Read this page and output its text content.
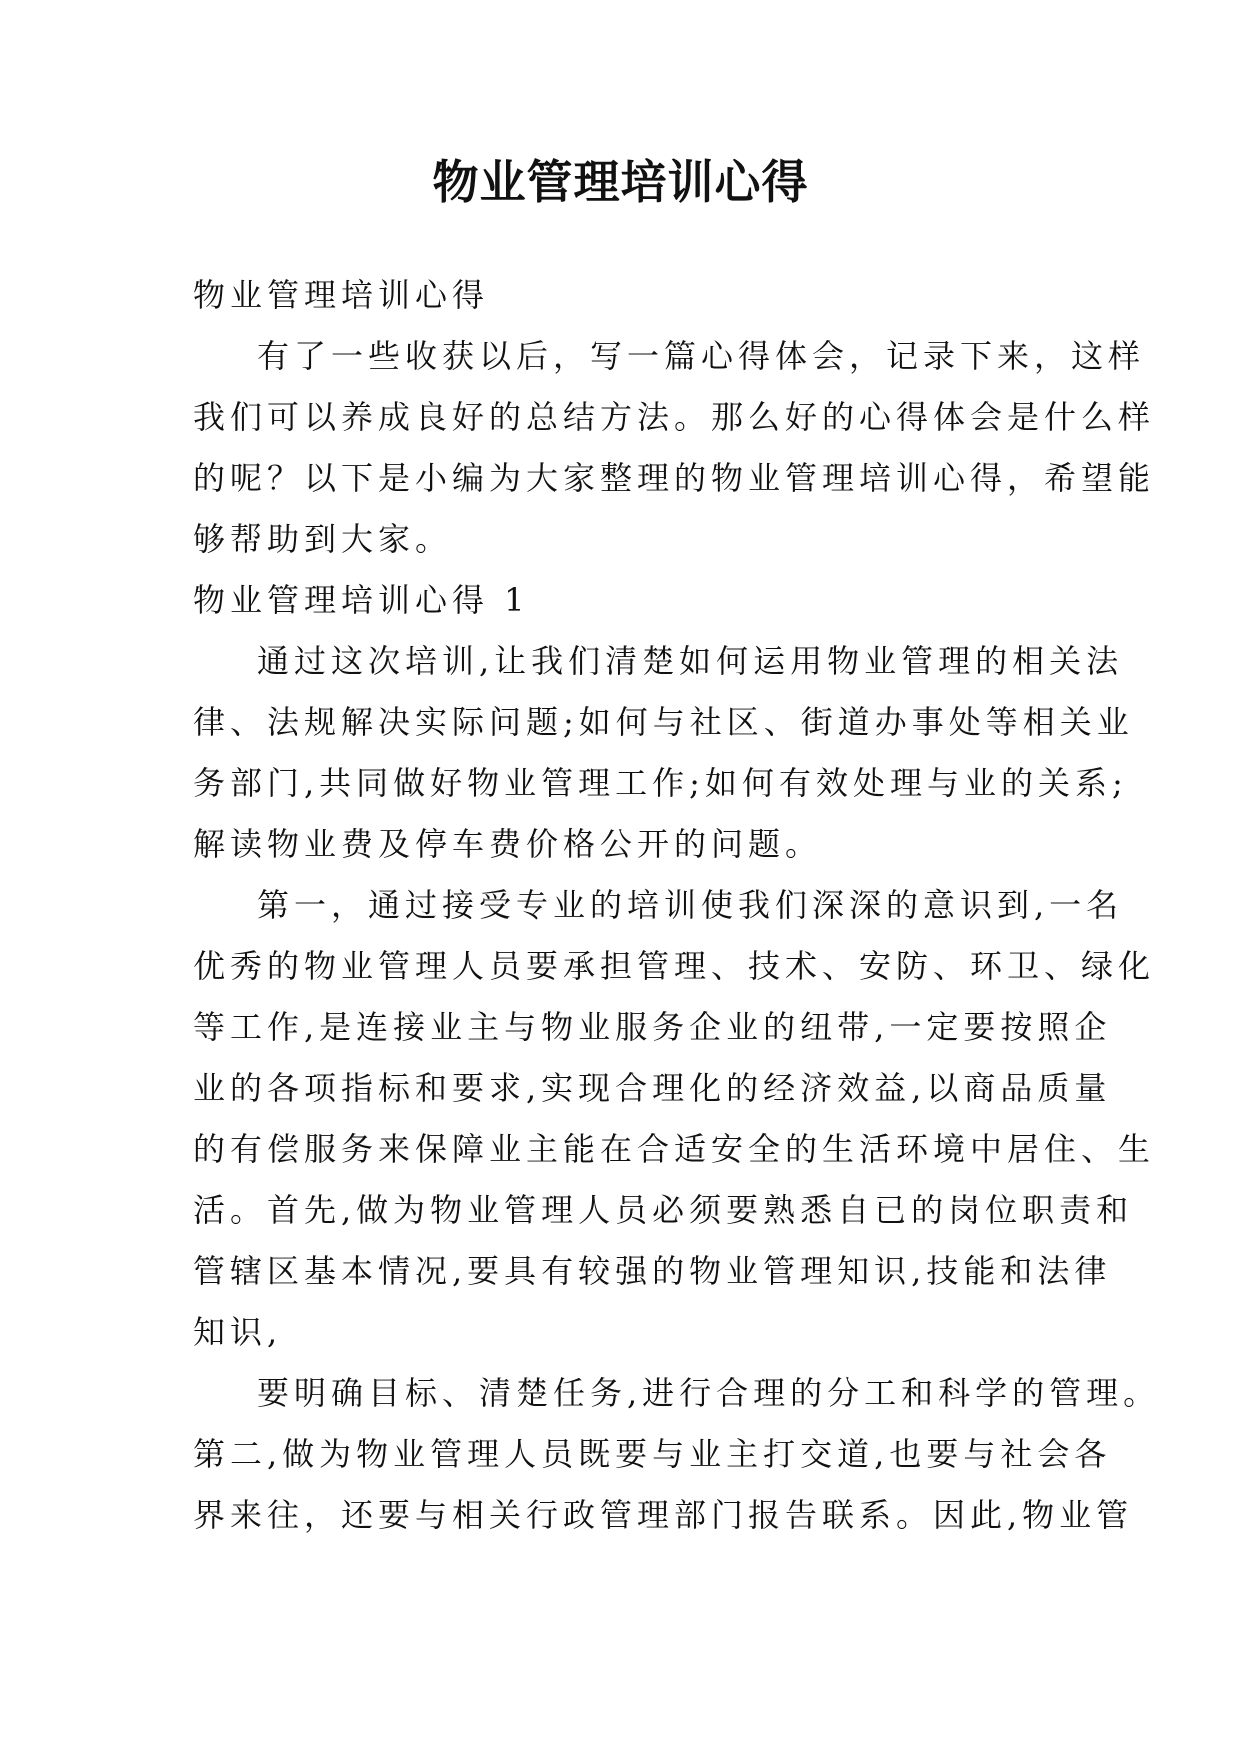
物业管理培训心得
物业管理培训心得
有了一些收获以后，写一篇心得体会，记录下来，这样
我们可以养成良好的总结方法。那么好的心得体会是什么样
的呢？以下是小编为大家整理的物业管理培训心得，希望能
够帮助到大家。
物业管理培训心得 1
通过这次培训,让我们清楚如何运用物业管理的相关法
律、法规解决实际问题;如何与社区、街道办事处等相关业
务部门,共同做好物业管理工作;如何有效处理与业的关系;
解读物业费及停车费价格公开的问题。
第一，通过接受专业的培训使我们深深的意识到,一名
优秀的物业管理人员要承担管理、技术、安防、环卫、绿化
等工作,是连接业主与物业服务企业的纽带,一定要按照企
业的各项指标和要求,实现合理化的经济效益,以商品质量
的有偿服务来保障业主能在合适安全的生活环境中居住、生
活。首先,做为物业管理人员必须要熟悉自已的岗位职责和
管辖区基本情况,要具有较强的物业管理知识,技能和法律
知识,
要明确目标、清楚任务,进行合理的分工和科学的管理。
第二,做为物业管理人员既要与业主打交道,也要与社会各
界来往，还要与相关行政管理部门报告联系。因此,物业管
